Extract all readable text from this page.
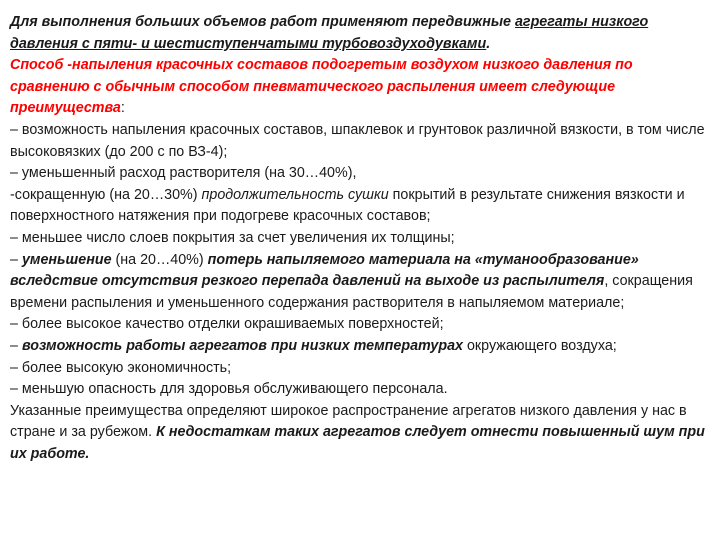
Для выполнения больших объемов работ применяют передвижные агрегаты низкого давления с пяти- и шестиступенчатыми турбовоздуходувками.

Способ -напыления красочных составов подогретым воздухом низкого давления по сравнению с обычным способом пневматического распыления имеет следующие преимущества:

– возможность напыления красочных составов, шпаклевок и грунтовок различной вязкости, в том числе высоковязких (до 200 с по ВЗ-4);

– уменьшенный расход растворителя (на 30…40%),

-сокращенную (на 20…30%) продолжительность сушки покрытий в результате снижения вязкости и поверхностного натяжения при подогреве красочных составов;

– меньшее число слоев покрытия за счет увеличения их толщины;

– уменьшение (на 20…40%) потерь напыляемого материала на «туманообразование» вследствие отсутствия резкого перепада давлений на выходе из распылителя, сокращения времени распыления и уменьшенного содержания растворителя в напыляемом материале;

– более высокое качество отделки окрашиваемых поверхностей;

– возможность работы агрегатов при низких температурах окружающего воздуха;

– более высокую экономичность;

– меньшую опасность для здоровья обслуживающего персонала.

Указанные преимущества определяют широкое распространение агрегатов низкого давления у нас в стране и за рубежом. К недостаткам таких агрегатов следует отнести повышенный шум при их работе.
